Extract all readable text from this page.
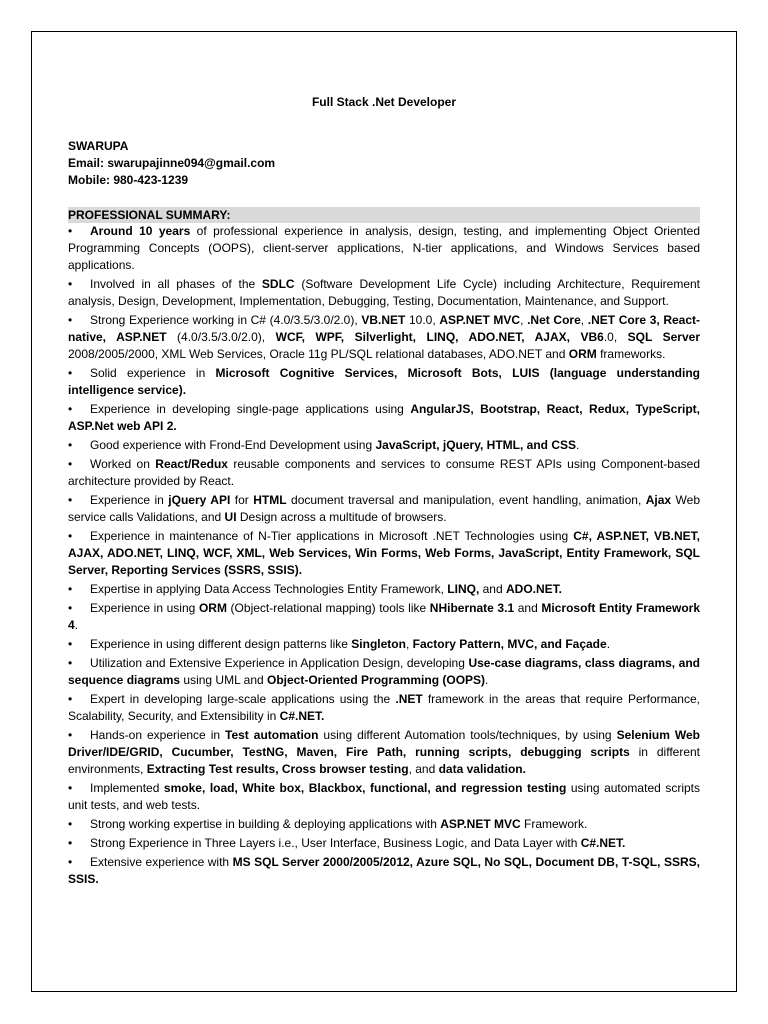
Full Stack .Net Developer
SWARUPA
Email: swarupajinne094@gmail.com
Mobile: 980-423-1239
PROFESSIONAL SUMMARY:
• Around 10 years of professional experience in analysis, design, testing, and implementing Object Oriented Programming Concepts (OOPS), client-server applications, N-tier applications, and Windows Services based applications.
• Involved in all phases of the SDLC (Software Development Life Cycle) including Architecture, Requirement analysis, Design, Development, Implementation, Debugging, Testing, Documentation, Maintenance, and Support.
• Strong Experience working in C# (4.0/3.5/3.0/2.0), VB.NET 10.0, ASP.NET MVC, .Net Core, .NET Core 3, React-native, ASP.NET (4.0/3.5/3.0/2.0), WCF, WPF, Silverlight, LINQ, ADO.NET, AJAX, VB6.0, SQL Server 2008/2005/2000, XML Web Services, Oracle 11g PL/SQL relational databases, ADO.NET and ORM frameworks.
• Solid experience in Microsoft Cognitive Services, Microsoft Bots, LUIS (language understanding intelligence service).
• Experience in developing single-page applications using AngularJS, Bootstrap, React, Redux, TypeScript, ASP.Net web API 2.
• Good experience with Frond-End Development using JavaScript, jQuery, HTML, and CSS.
• Worked on React/Redux reusable components and services to consume REST APIs using Component-based architecture provided by React.
• Experience in jQuery API for HTML document traversal and manipulation, event handling, animation, Ajax Web service calls Validations, and UI Design across a multitude of browsers.
• Experience in maintenance of N-Tier applications in Microsoft .NET Technologies using C#, ASP.NET, VB.NET, AJAX, ADO.NET, LINQ, WCF, XML, Web Services, Win Forms, Web Forms, JavaScript, Entity Framework, SQL Server, Reporting Services (SSRS, SSIS).
• Expertise in applying Data Access Technologies Entity Framework, LINQ, and ADO.NET.
• Experience in using ORM (Object-relational mapping) tools like NHibernate 3.1 and Microsoft Entity Framework 4.
• Experience in using different design patterns like Singleton, Factory Pattern, MVC, and Façade.
• Utilization and Extensive Experience in Application Design, developing Use-case diagrams, class diagrams, and sequence diagrams using UML and Object-Oriented Programming (OOPS).
• Expert in developing large-scale applications using the .NET framework in the areas that require Performance, Scalability, Security, and Extensibility in C#.NET.
• Hands-on experience in Test automation using different Automation tools/techniques, by using Selenium Web Driver/IDE/GRID, Cucumber, TestNG, Maven, Fire Path, running scripts, debugging scripts in different environments, Extracting Test results, Cross browser testing, and data validation.
• Implemented smoke, load, White box, Blackbox, functional, and regression testing using automated scripts unit tests, and web tests.
• Strong working expertise in building & deploying applications with ASP.NET MVC Framework.
• Strong Experience in Three Layers i.e., User Interface, Business Logic, and Data Layer with C#.NET.
• Extensive experience with MS SQL Server 2000/2005/2012, Azure SQL, No SQL, Document DB, T-SQL, SSRS, SSIS.
